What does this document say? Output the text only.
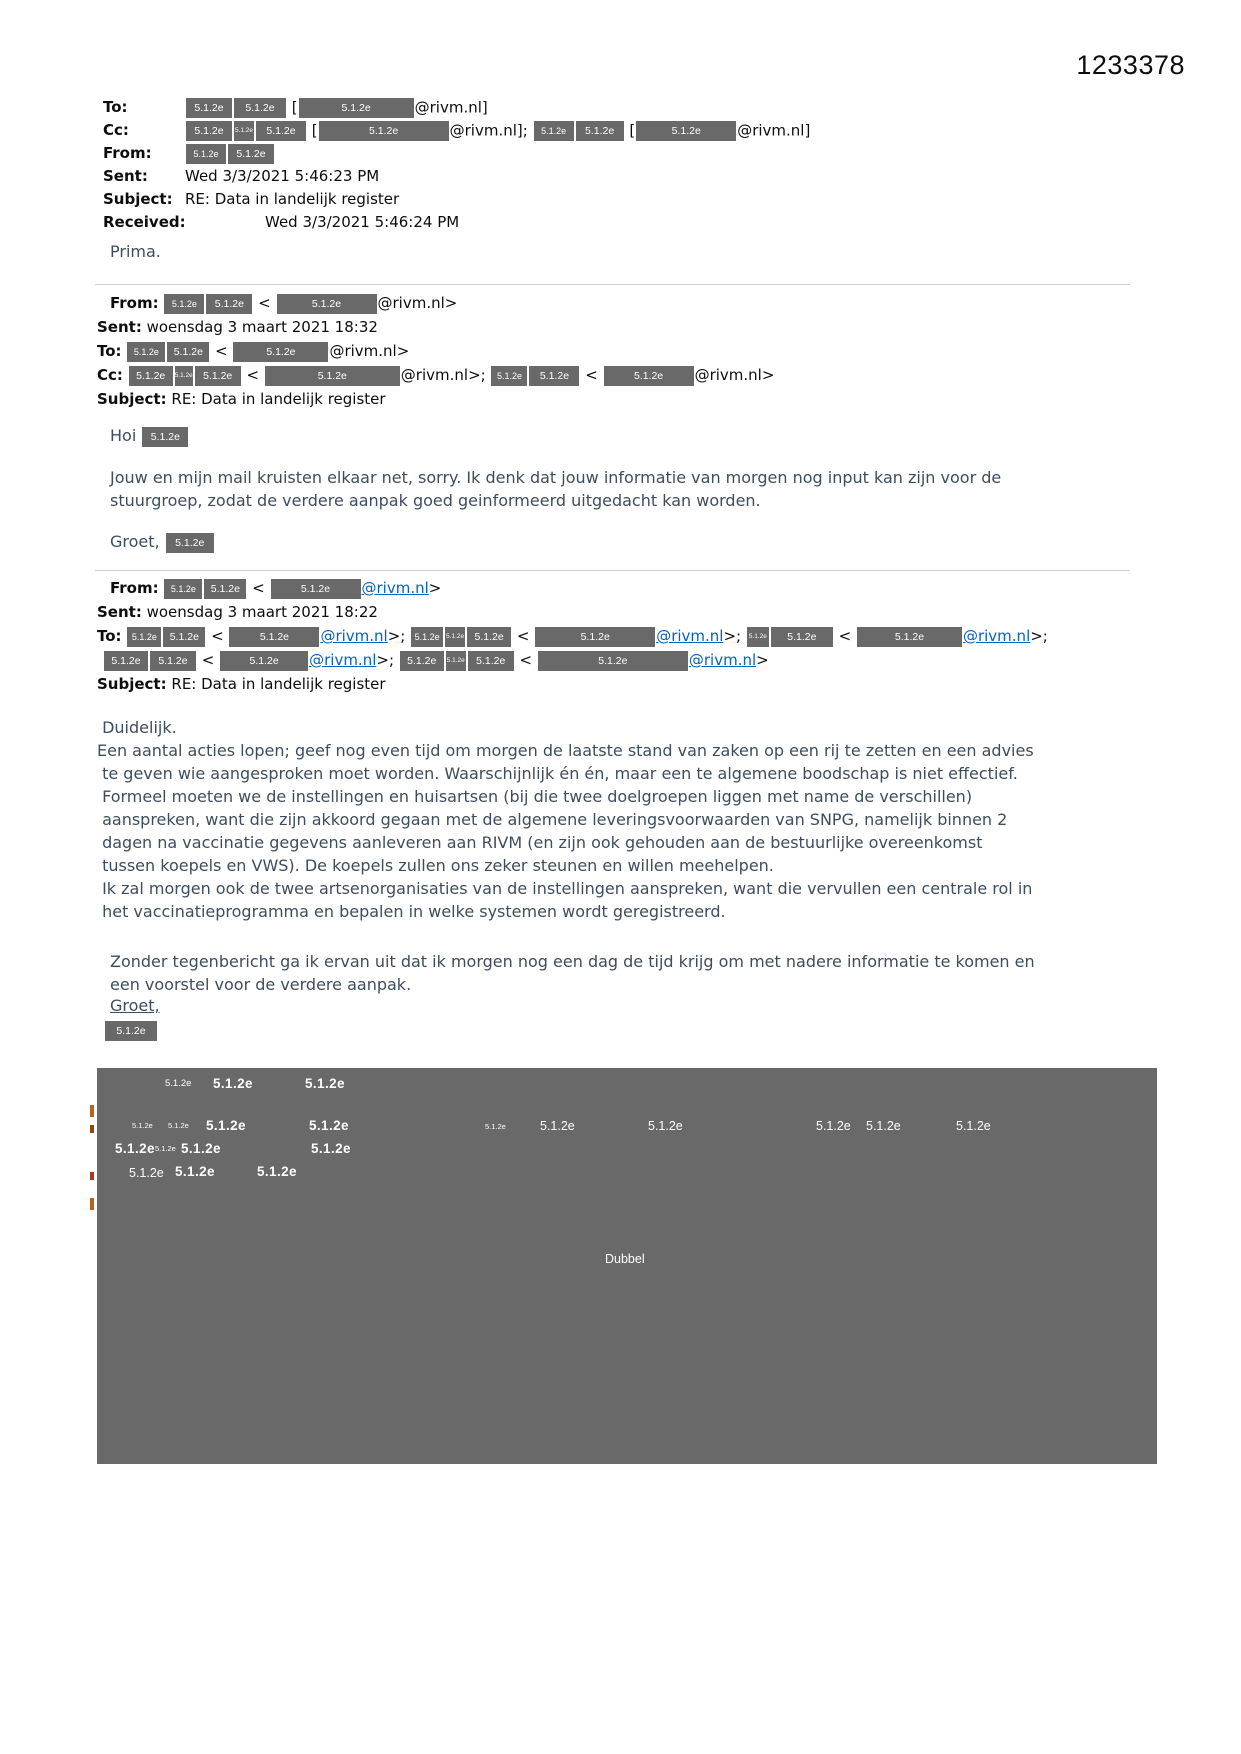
1233378
To:	5.1.2e 5.1.2e [	5.1.2e	@rivm.nl]
Cc:	5.1.2e 5.1.2e 5.1.2e [	5.1.2e	@rivm.nl]; 5.1.2e 5.1.2e [	5.1.2e @rivm.nl]
From:	5.1.2e 5.1.2e
Sent:	Wed 3/3/2021 5:46:23 PM
Subject: RE: Data in landelijk register
Received:	Wed 3/3/2021 5:46:24 PM
Prima.
From: 5.1.2e 5.1.2e <	5.1.2e @rivm.nl>
Sent: woensdag 3 maart 2021 18:32
To: 5.1.2e 5.1.2e <	5.1.2e @rivm.nl>
Cc: 5.1.2e 5.1.2e 5.1.2e <	5.1.2e	@rivm.nl>; 5.1.2e 5.1.2e <	5.1.2e @rivm.nl>
Subject: RE: Data in landelijk register
Hoi 5.1.2e
Jouw en mijn mail kruisten elkaar net, sorry. Ik denk dat jouw informatie van morgen nog input kan zijn voor de
stuurgroep, zodat de verdere aanpak goed geinformeerd uitgedacht kan worden.
Groet, 5.1.2e
From: 5.1.2e 5.1.2e <	5.1.2e @rivm.nl>
Sent: woensdag 3 maart 2021 18:22
To: 5.1.2e 5.1.2e <	5.1.2e @rivm.nl>; 5.1.2e 5.1.2e 5.1.2e <	5.1.2e	@rivm.nl>; 5.1.2e 5.1.2e <	5.1.2e	@rivm.nl>;
5.1.2e 5.1.2e <	5.1.2e @rivm.nl>; 5.1.2e 5.1.2e 5.1.2e <	5.1.2e	@rivm.nl>
Subject: RE: Data in landelijk register
Duidelijk.
Een aantal acties lopen; geef nog even tijd om morgen de laatste stand van zaken op een rij te zetten en een advies
te geven wie aangesproken moet worden. Waarschijnlijk én én, maar een te algemene boodschap is niet effectief.
Formeel moeten we de instellingen en huisartsen (bij die twee doelgroepen liggen met name de verschillen)
aanspreken, want die zijn akkoord gegaan met de algemene leveringsvoorwaarden van SNPG, namelijk binnen 2
dagen na vaccinatie gegevens aanleveren aan RIVM (en zijn ook gehouden aan de bestuurlijke overeenkomst
tussen koepels en VWS). De koepels zullen ons zeker steunen en willen meehelpen.
Ik zal morgen ook de twee artsenorganisaties van de instellingen aanspreken, want die vervullen een centrale rol in
het vaccinatieprogramma en bepalen in welke systemen wordt geregistreerd.
Zonder tegenbericht ga ik ervan uit dat ik morgen nog een dag de tijd krijg om met nadere informatie te komen en
een voorstel voor de verdere aanpak.
Groet,
5.1.2e
5.1.2e 5.1.2e	5.1.2e
5.1.2e 5.1.2e 5.1.2e	5.1.2e	5.1.2e	5.1.2e	5.1.2e	5.1.2e 5.1.2e	5.1.2e
5.1.2e 5.1.2e 5.1.2e	5.1.2e
5.1.2e 5.1.2e	5.1.2e
Dubbel
